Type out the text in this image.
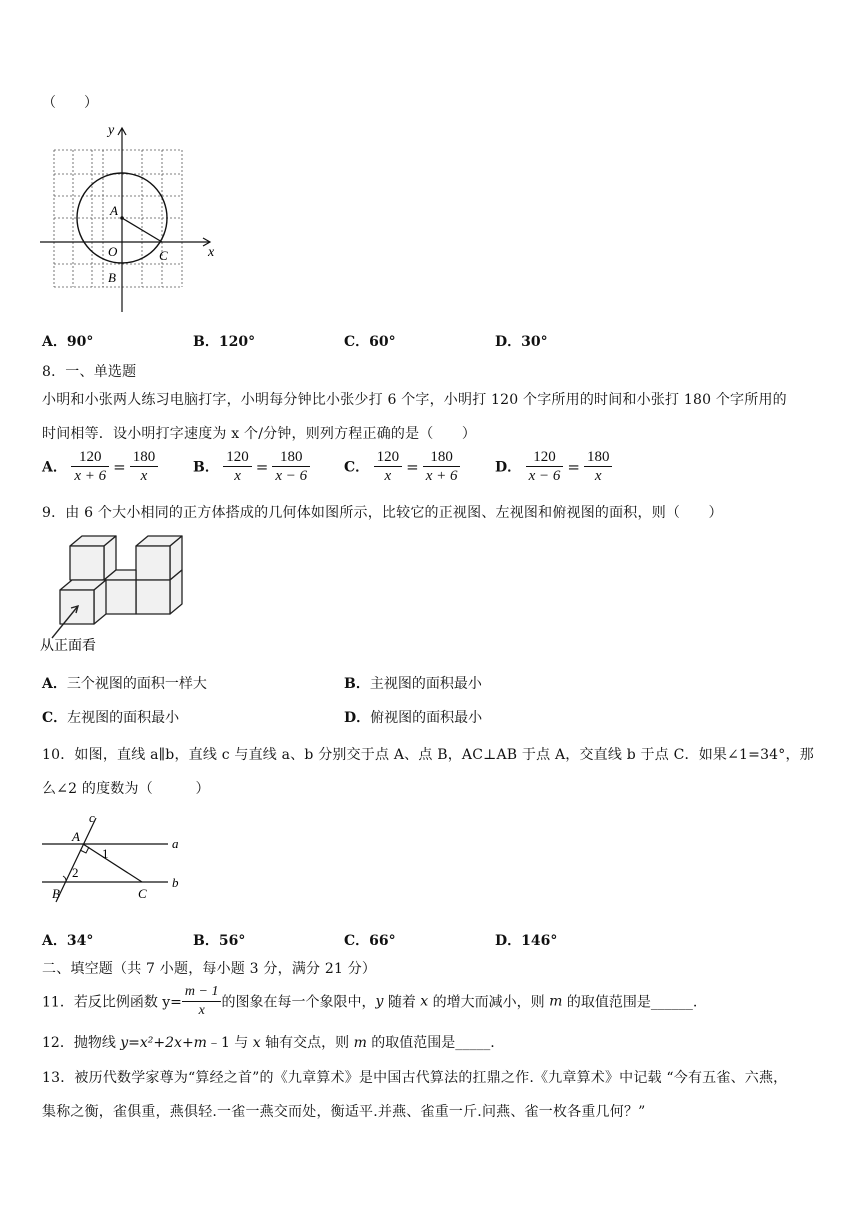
（　　）
y
x
A
O
B
C
A．90°	B．120°	C．60°	D．30°
8．一、单选题
小明和小张两人练习电脑打字，小明每分钟比小张少打 6 个字，小明打 120 个字所用的时间和小张打 180 个字所用的
时间相等．设小明打字速度为 x 个/分钟，则列方程正确的是（　　）
A． $\frac{120}{x + 6} = \frac{180}{x}$ B． $\frac{120}{x} = \frac{180}{x - 6}$ C． $\frac{120}{x} = \frac{180}{x + 6}$ D． $\frac{120}{x - 6} = \frac{180}{x}$
9．由 6 个大小相同的正方体搭成的几何体如图所示，比较它的正视图、左视图和俯视图的面积，则（　　）
从正面看
A．三个视图的面积一样大	B．主视图的面积最小
C．左视图的面积最小	D．俯视图的面积最小
10．如图，直线 a∥b，直线 c 与直线 a、b 分别交于点 A、点 B，AC⊥AB 于点 A，交直线 b 于点 C．如果∠1=34°，那
么∠2 的度数为（　　　）
c
a
b
A
B	C
1
2
A．34°	B．56°	C．66°	D．146°
二、填空题（共 7 小题，每小题 3 分，满分 21 分）
11．若反比例函数 $y= \frac{m - 1}{x}$ 的图象在每一个象限中，y 随着 x 的增大而减小，则 m 的取值范围是______.
12．抛物线 y=x²+2x+m﹣1 与 x 轴有交点，则 m 的取值范围是_____.
13．被历代数学家尊为“算经之首”的《九章算术》是中国古代算法的扛鼎之作.《九章算术》中记载 “今有五雀、六燕，
集称之衡，雀俱重，燕俱轻.一雀一燕交而处，衡适平.并燕、雀重一斤.问燕、雀一枚各重几何？”
